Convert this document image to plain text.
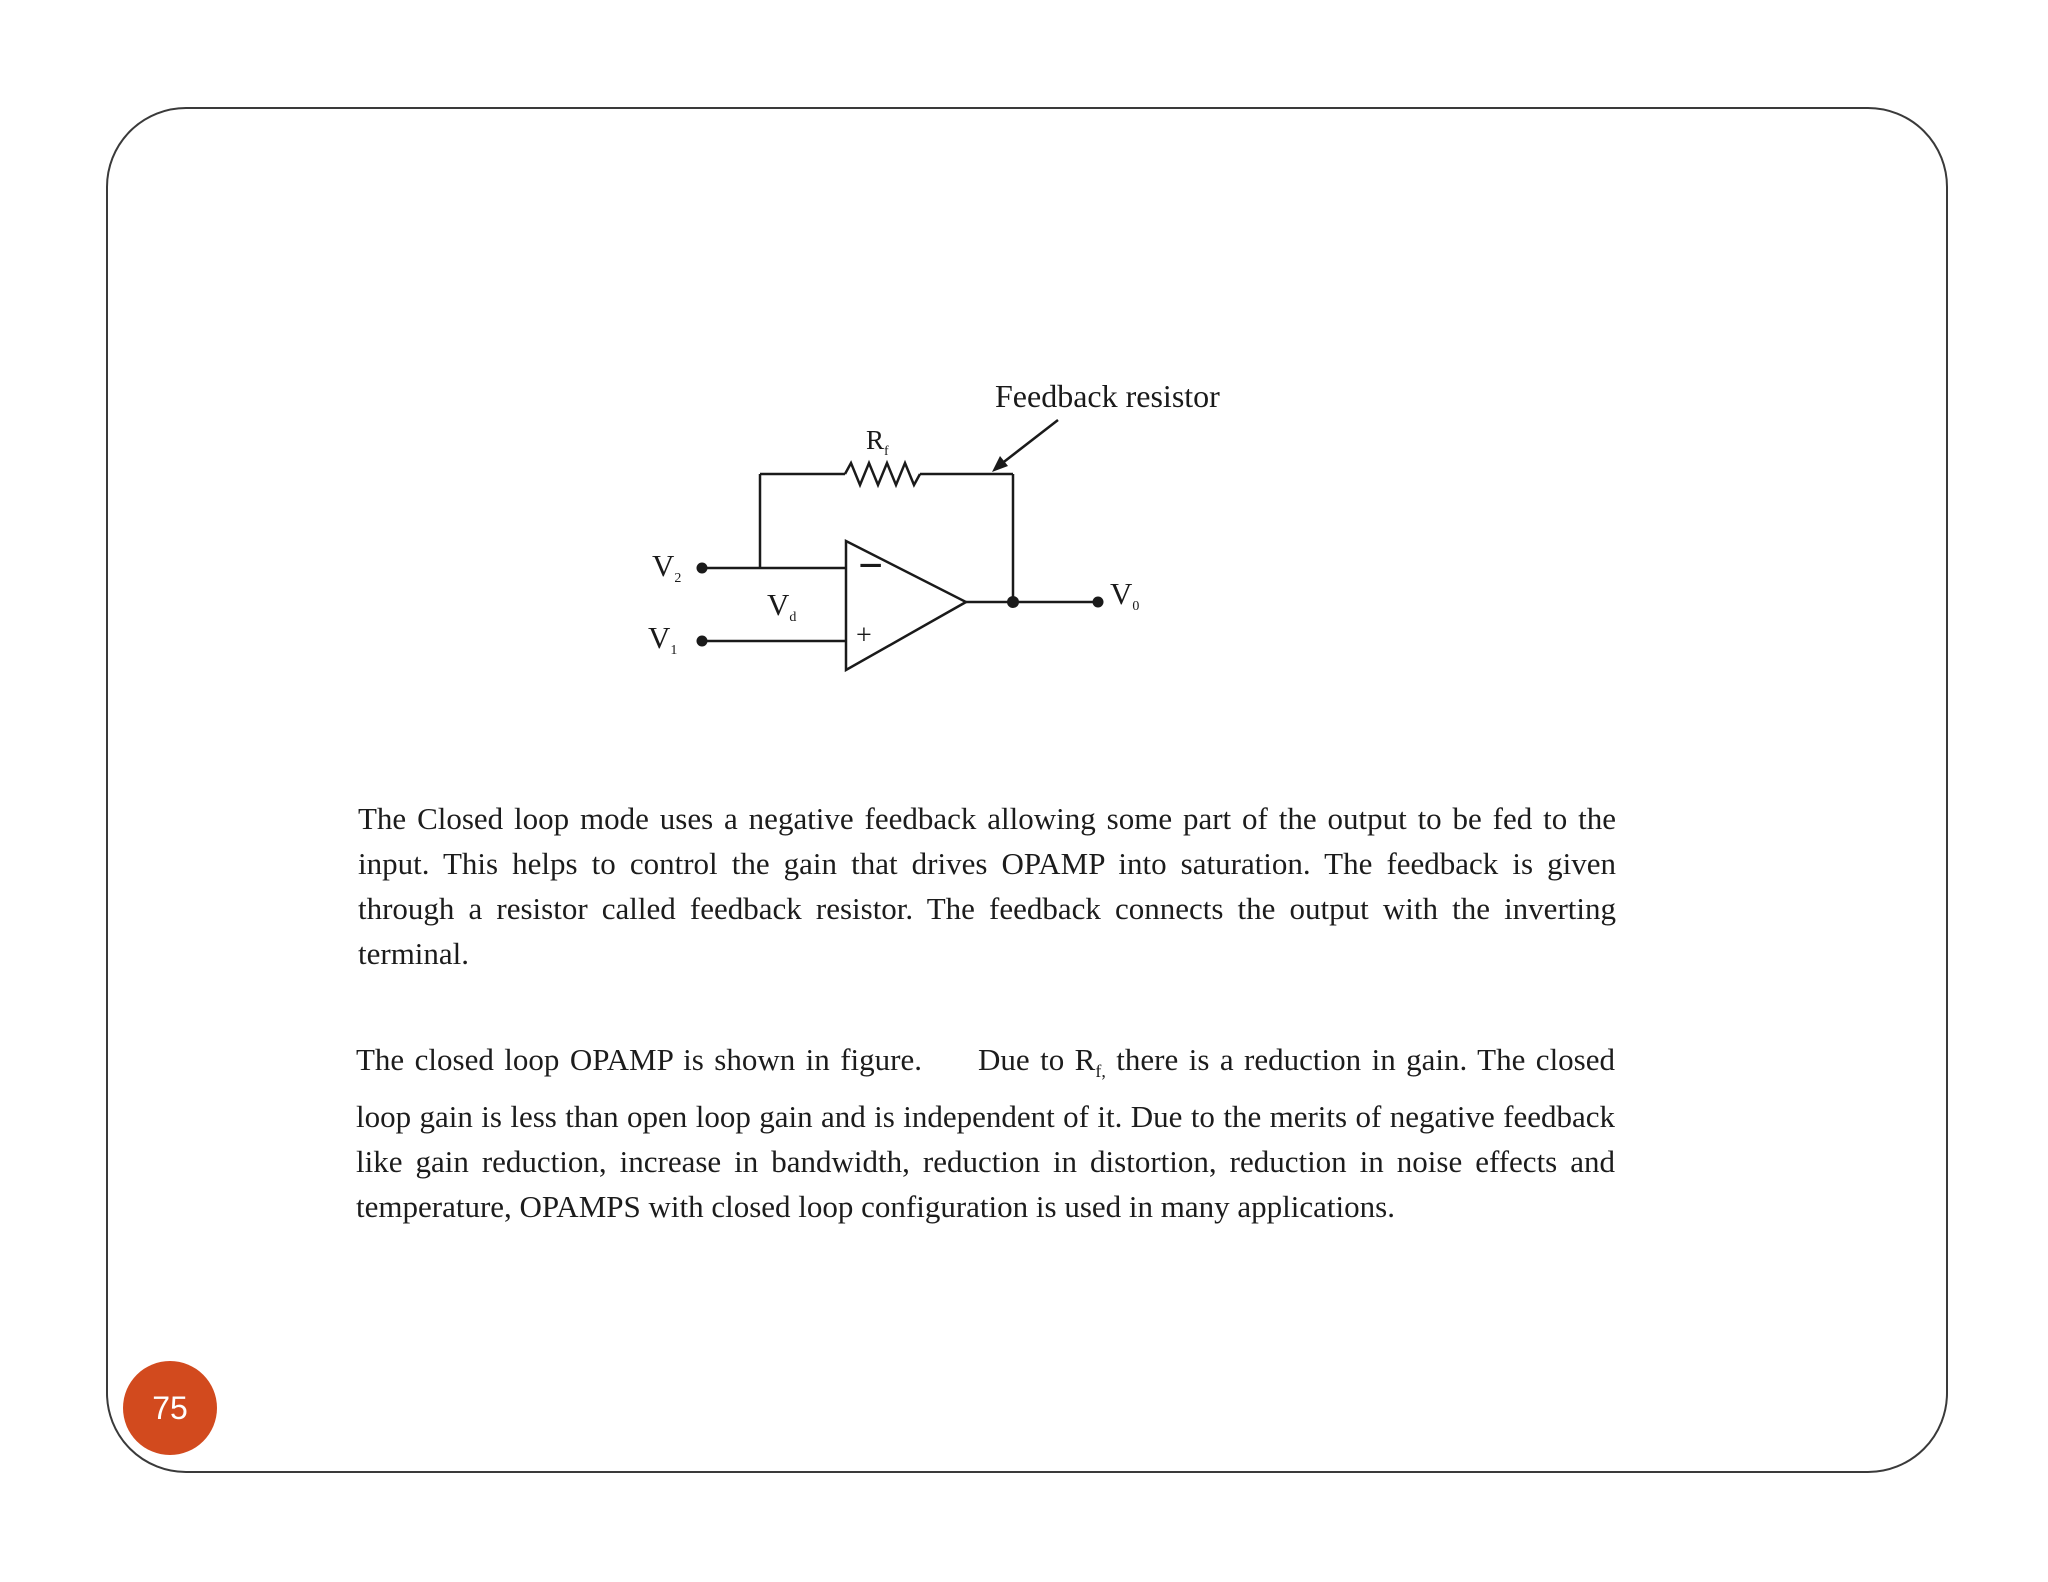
−
+
Feedback resistor
$R_f$
V2
V1
Vd
V0

The Closed loop mode uses a negative feedback allowing some part of the output to be fed to the input. This helps to control the gain that drives OPAMP into saturation. The feedback is given through a resistor called feedback resistor. The feedback connects the output with the inverting terminal.

The closed loop OPAMP is shown in figure. Due to $R_{f,}$ there is a reduction in gain. The closed loop gain is less than open loop gain and is independent of it. Due to the merits of negative feedback like gain reduction, increase in bandwidth, reduction in distortion, reduction in noise effects and temperature, OPAMPS with closed loop configuration is used in many applications.

75
